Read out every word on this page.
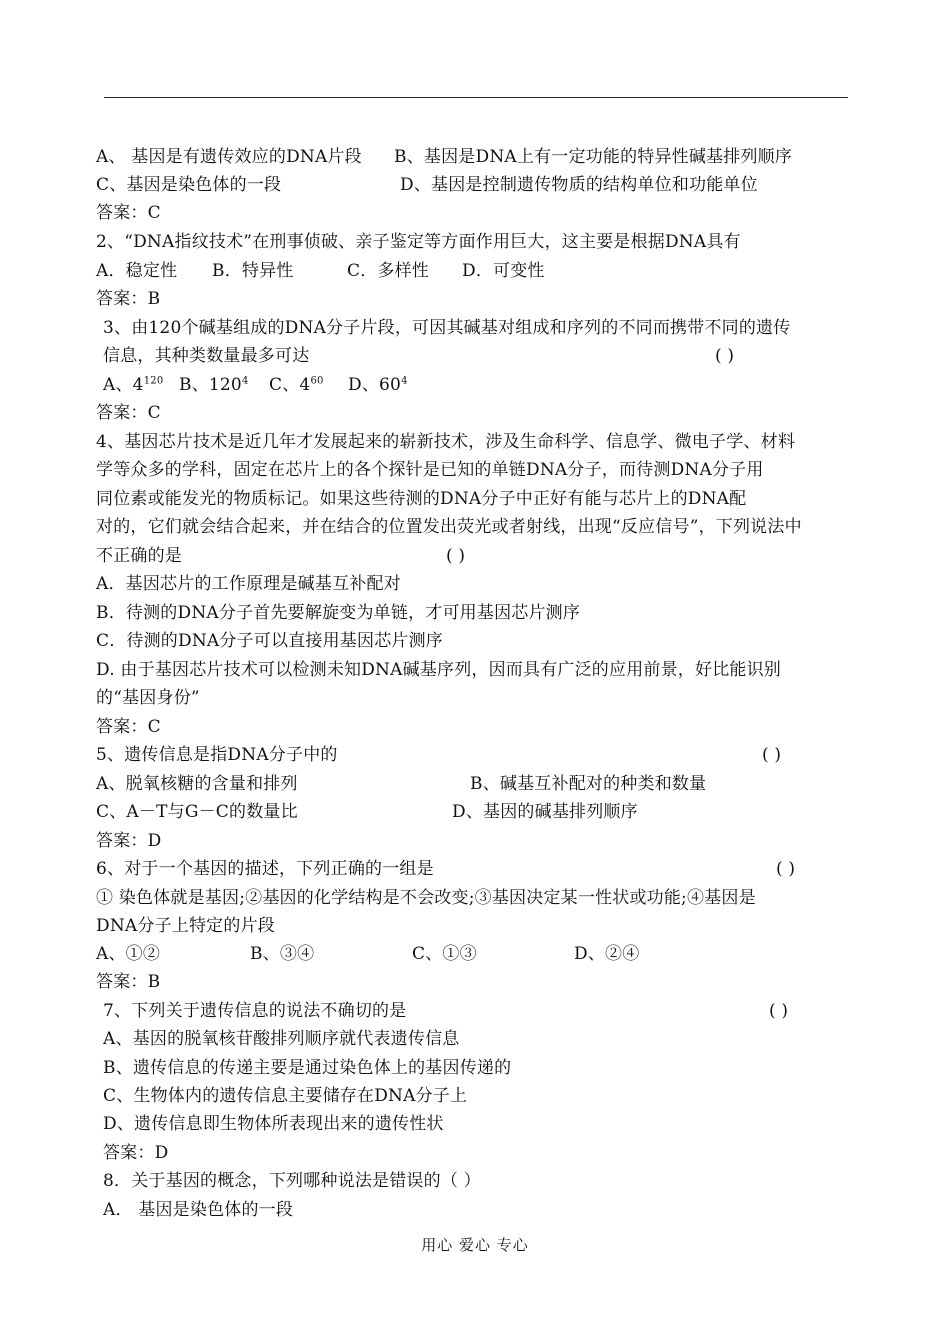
A、 基因是有遗传效应的DNA片段 B、基因是DNA上有一定功能的特异性碱基排列顺序
C、基因是染色体的一段	D、基因是控制遗传物质的结构单位和功能单位
答案：C
2、“DNA指纹技术”在刑事侦破、亲子鉴定等方面作用巨大，这主要是根据DNA具有
A．稳定性 B．特异性	C．多样性 D．可变性
答案：B
3、由120个碱基组成的DNA分子片段，可因其碱基对组成和序列的不同而携带不同的遗传
信息，其种类数量最多可达	( )
A、$4^{120}$ B、$120^4$ C、$4^{60}$ D、$60^4$
答案：C
4、基因芯片技术是近几年才发展起来的崭新技术，涉及生命科学、信息学、微电子学、材料
学等众多的学科，固定在芯片上的各个探针是已知的单链DNA分子，而待测DNA分子用
同位素或能发光的物质标记。如果这些待测的DNA分子中正好有能与芯片上的DNA配
对的，它们就会结合起来，并在结合的位置发出荧光或者射线，出现“反应信号”，下列说法中
不正确的是	( )
A．基因芯片的工作原理是碱基互补配对
B．待测的DNA分子首先要解旋变为单链，才可用基因芯片测序
C．待测的DNA分子可以直接用基因芯片测序
D. 由于基因芯片技术可以检测未知DNA碱基序列，因而具有广泛的应用前景，好比能识别
的“基因身份”
答案：C
5、遗传信息是指DNA分子中的	( )
A、脱氧核糖的含量和排列	B、碱基互补配对的种类和数量
C、A－T与G－C的数量比	D、基因的碱基排列顺序
答案：D
6、对于一个基因的描述，下列正确的一组是	( )
① 染色体就是基因;②基因的化学结构是不会改变;③基因决定某一性状或功能;④基因是
DNA分子上特定的片段
A、①②	B、③④	C、①③	D、②④
答案：B
7、下列关于遗传信息的说法不确切的是	( )
A、基因的脱氧核苷酸排列顺序就代表遗传信息
B、遗传信息的传递主要是通过染色体上的基因传递的
C、生物体内的遗传信息主要储存在DNA分子上
D、遗传信息即生物体所表现出来的遗传性状
答案：D
8．关于基因的概念，下列哪种说法是错误的（ ）
A． 基因是染色体的一段
用心 爱心 专心
